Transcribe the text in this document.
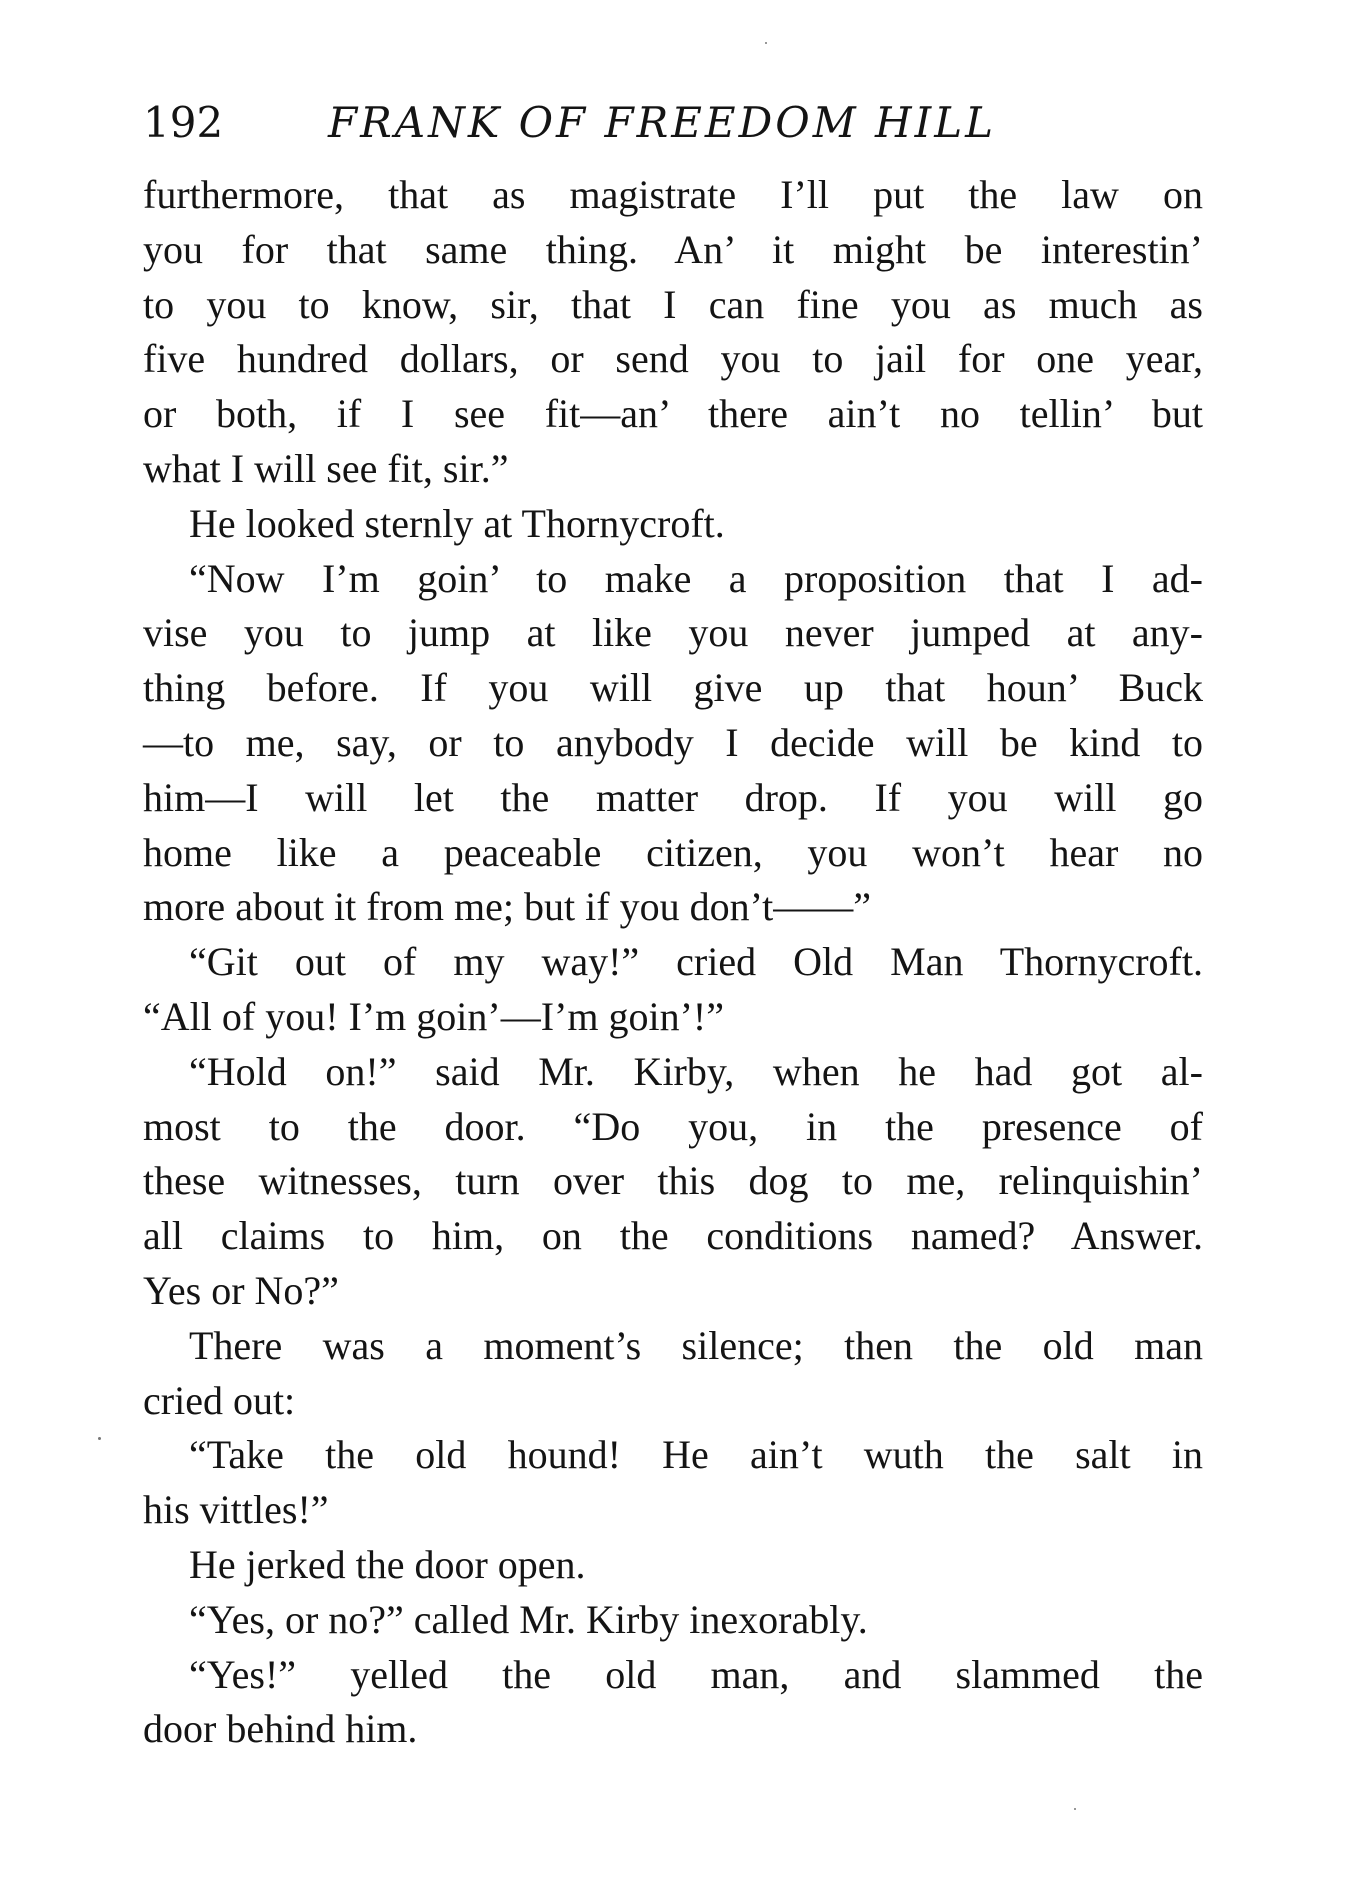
192 FRANK OF FREEDOM HILL
furthermore, that as magistrate I’ll put the law on
you for that same thing. An’ it might be interestin’
to you to know, sir, that I can fine you as much as
five hundred dollars, or send you to jail for one year,
or both, if I see fit—an’ there ain’t no tellin’ but
what I will see fit, sir.”
He looked sternly at Thornycroft.
“Now I’m goin’ to make a proposition that I ad-
vise you to jump at like you never jumped at any-
thing before. If you will give up that houn’ Buck
—to me, say, or to anybody I decide will be kind to
him—I will let the matter drop. If you will go
home like a peaceable citizen, you won’t hear no
more about it from me; but if you don’t——”
“Git out of my way!” cried Old Man Thornycroft.
“All of you! I’m goin’—I’m goin’!”
“Hold on!” said Mr. Kirby, when he had got al-
most to the door. “Do you, in the presence of
these witnesses, turn over this dog to me, relinquishin’
all claims to him, on the conditions named? Answer.
Yes or No?”
There was a moment’s silence; then the old man
cried out:
“Take the old hound! He ain’t wuth the salt in
his vittles!”
He jerked the door open.
“Yes, or no?” called Mr. Kirby inexorably.
“Yes!” yelled the old man, and slammed the
door behind him.
